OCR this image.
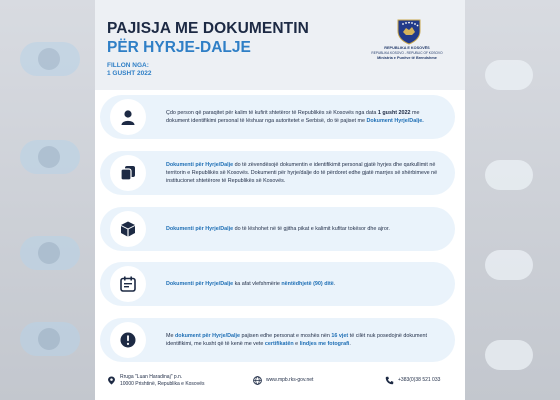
PAJISJA ME DOKUMENTIN
PËR HYRJE-DALJE
FILLON NGA:
1 GUSHT 2022
REPUBLIKA E KOSOVËS
REPUBLIKA KOSOVO - REPUBLIC OF KOSOVO
Ministria e Punëve të Brendshme

Çdo person që paraqitet për kalim të kufirit shtetëror të Republikës së Kosovës nga data 1 gusht 2022 me dokument identifikimi personal të lëshuar nga autoritetet e Serbisë, do të pajiset me Dokument Hyrje/Dalje.

Dokumenti për Hyrje/Dalje do të zëvendësojë dokumentin e identifikimit personal gjatë hyrjes dhe qarkullimit në territorin e Republikës së Kosovës. Dokumenti për hyrje/dalje do të përdoret edhe gjatë marrjes së shërbimeve në institucionet shtetërore të Republikës së Kosovës.

Dokumenti për Hyrje/Dalje do të lëshohet në të gjitha pikat e kalimit kufitar tokësor dhe ajror.

Dokumenti për Hyrje/Dalje ka afat vlefshmërie nëntëdhjetë (90) ditë.

Me dokument për Hyrje/Dalje pajisen edhe personat e moshës nën 16 vjet të cilët nuk posedojnë dokument identifikimi, me kusht që të kenë me vete certifikatën e lindjes me fotografi.

Rruga "Luan Haradinaj" p.n.
10000 Prishtinë, Republika e Kosovës
www.mpb.rks-gov.net	+383(0)38 521 033
